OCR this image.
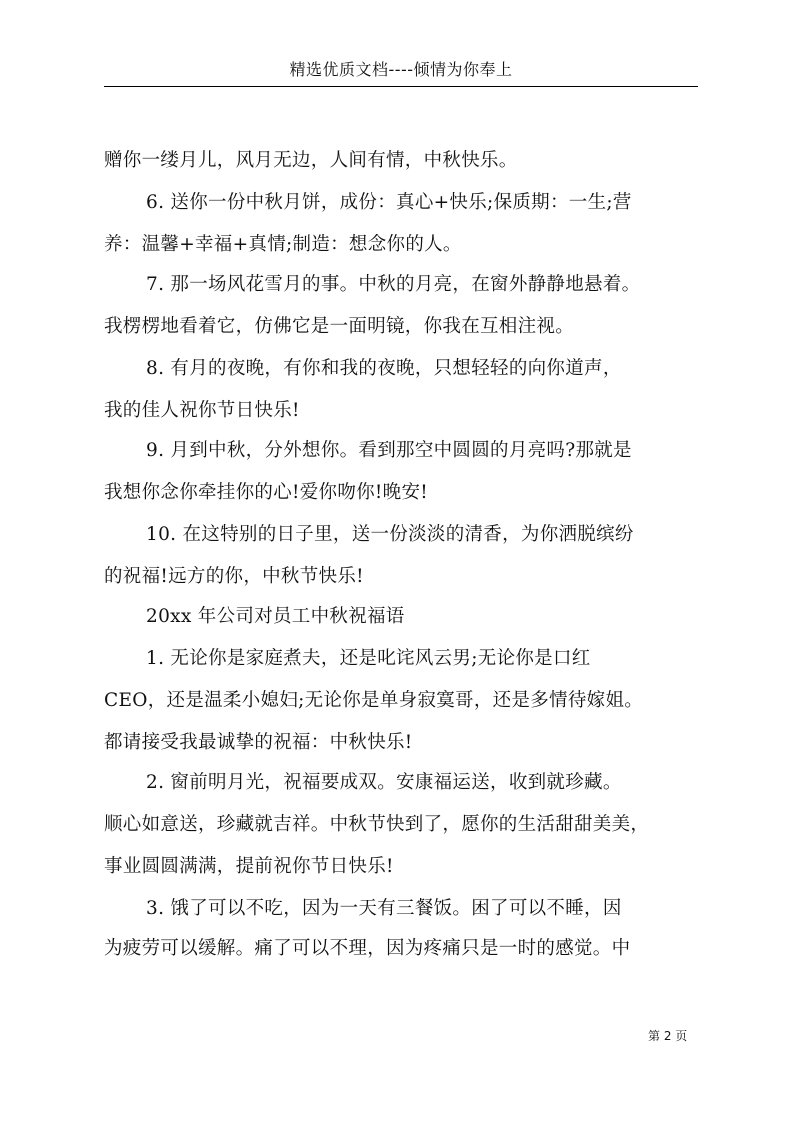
精选优质文档----倾情为你奉上
赠你一缕月儿，风月无边，人间有情，中秋快乐。
6. 送你一份中秋月饼，成份：真心+快乐;保质期：一生;营
养：温馨+幸福+真情;制造：想念你的人。
7. 那一场风花雪月的事。中秋的月亮，在窗外静静地悬着。
我楞楞地看着它，仿佛它是一面明镜，你我在互相注视。
8. 有月的夜晚，有你和我的夜晚，只想轻轻的向你道声，
我的佳人祝你节日快乐!
9. 月到中秋，分外想你。看到那空中圆圆的月亮吗?那就是
我想你念你牵挂你的心!爱你吻你!晚安!
10. 在这特别的日子里，送一份淡淡的清香，为你洒脱缤纷
的祝福!远方的你，中秋节快乐!
20xx 年公司对员工中秋祝福语
1. 无论你是家庭煮夫，还是叱诧风云男;无论你是口红
CEO，还是温柔小媳妇;无论你是单身寂寞哥，还是多情待嫁姐。
都请接受我最诚挚的祝福：中秋快乐!
2. 窗前明月光，祝福要成双。安康福运送，收到就珍藏。
顺心如意送，珍藏就吉祥。中秋节快到了，愿你的生活甜甜美美，
事业圆圆满满，提前祝你节日快乐!
3. 饿了可以不吃，因为一天有三餐饭。困了可以不睡，因
为疲劳可以缓解。痛了可以不理，因为疼痛只是一时的感觉。中
第 2 页
